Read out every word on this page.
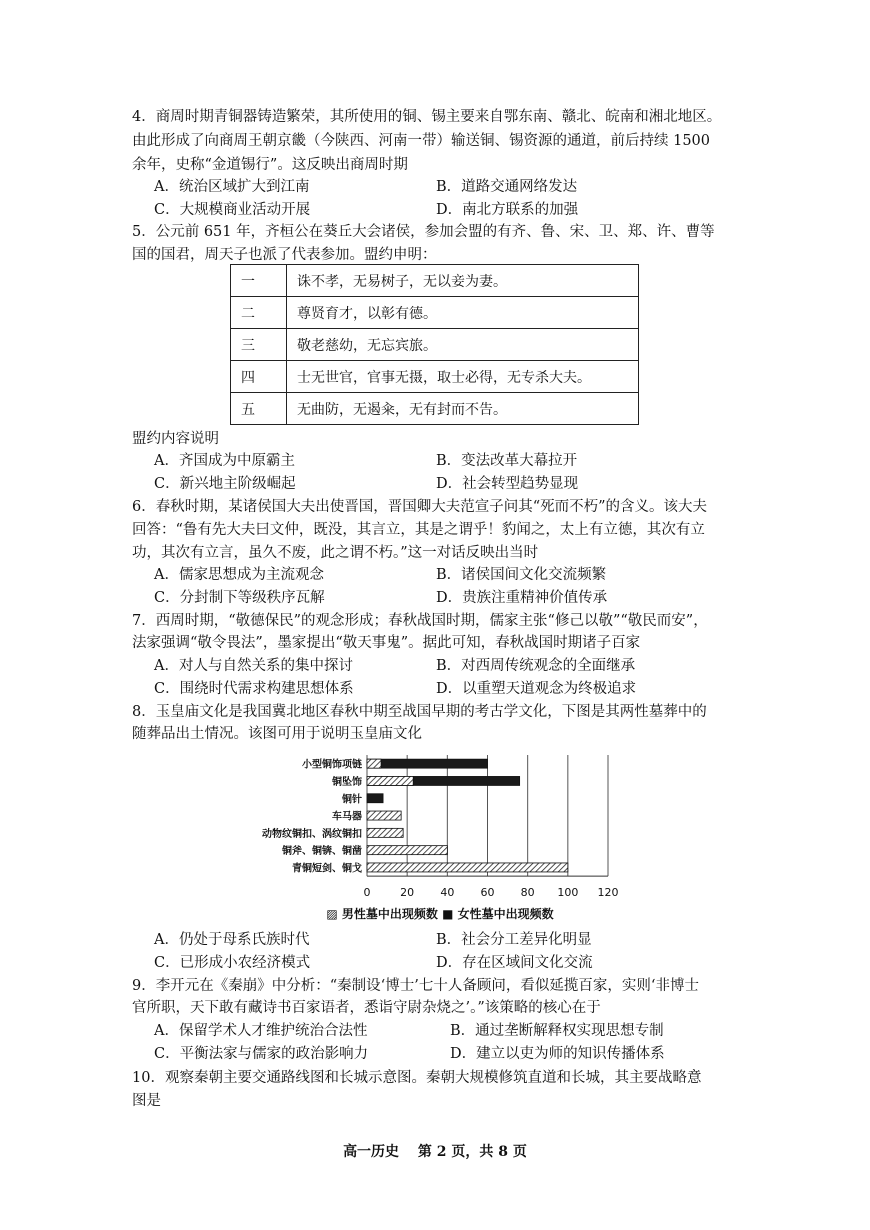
4．商周时期青铜器铸造繁荣，其所使用的铜、锡主要来自鄂东南、赣北、皖南和湘北地区。
由此形成了向商周王朝京畿（今陕西、河南一带）输送铜、锡资源的通道，前后持续 1500
余年，史称“金道锡行”。这反映出商周时期
A．统治区域扩大到江南	B．道路交通网络发达
C．大规模商业活动开展	D．南北方联系的加强
5．公元前 651 年，齐桓公在葵丘大会诸侯，参加会盟的有齐、鲁、宋、卫、郑、许、曹等
国的国君，周天子也派了代表参加。盟约申明：
一	诛不孝，无易树子，无以妾为妻。
二	尊贤育才，以彰有德。
三	敬老慈幼，无忘宾旅。
四	士无世官，官事无摄，取士必得，无专杀大夫。
五	无曲防，无遏籴，无有封而不告。
盟约内容说明
A．齐国成为中原霸主	B．变法改革大幕拉开
C．新兴地主阶级崛起	D．社会转型趋势显现
6．春秋时期，某诸侯国大夫出使晋国，晋国卿大夫范宣子问其“死而不朽”的含义。该大夫
回答：“鲁有先大夫曰文仲，既没，其言立，其是之谓乎！豹闻之，太上有立德，其次有立
功，其次有立言，虽久不废，此之谓不朽。”这一对话反映出当时
A．儒家思想成为主流观念	B．诸侯国间文化交流频繁
C．分封制下等级秩序瓦解	D．贵族注重精神价值传承
7．西周时期，“敬德保民”的观念形成；春秋战国时期，儒家主张“修己以敬”“敬民而安”，
法家强调“敬令畏法”，墨家提出“敬天事鬼”。据此可知，春秋战国时期诸子百家
A．对人与自然关系的集中探讨	B．对西周传统观念的全面继承
C．围绕时代需求构建思想体系	D．以重塑天道观念为终极追求
8．玉皇庙文化是我国冀北地区春秋中期至战国早期的考古学文化，下图是其两性墓葬中的
随葬品出土情况。该图可用于说明玉皇庙文化
小型铜饰项链
铜坠饰
铜针
车马器
动物纹铜扣、涡纹铜扣
铜斧、铜锛、铜凿
青铜短剑、铜戈
0	20 40 60 80 100 120
▨ 男性墓中出现频数 ■ 女性墓中出现频数
A．仍处于母系氏族时代	B．社会分工差异化明显
C．已形成小农经济模式	D．存在区域间文化交流
9．李开元在《秦崩》中分析：“秦制设‘博士’七十人备顾问，看似延揽百家，实则‘非博士
官所职，天下敢有藏诗书百家语者，悉诣守尉杂烧之’。”该策略的核心在于
A．保留学术人才维护统治合法性	B．通过垄断解释权实现思想专制
C．平衡法家与儒家的政治影响力	D．建立以吏为师的知识传播体系
10．观察秦朝主要交通路线图和长城示意图。秦朝大规模修筑直道和长城，其主要战略意
图是
高一历史　 第 2 页，共 8 页
